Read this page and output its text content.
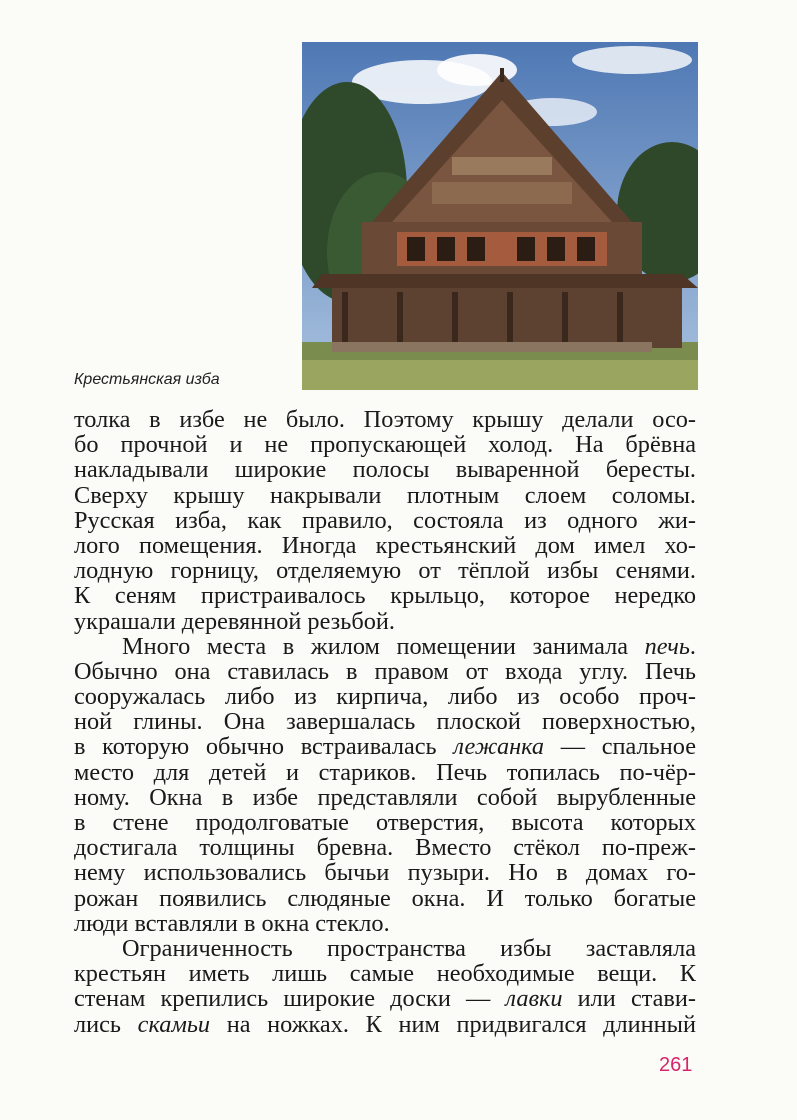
Крестьянская изба
толка в избе не было. Поэтому крышу делали осо-
бо прочной и не пропускающей холод. На брёвна
накладывали широкие полосы вываренной бересты.
Сверху крышу накрывали плотным слоем соломы.
Русская изба, как правило, состояла из одного жи-
лого помещения. Иногда крестьянский дом имел хо-
лодную горницу, отделяемую от тёплой избы сенями.
К сеням пристраивалось крыльцо, которое нередко
украшали деревянной резьбой.
Много места в жилом помещении занимала печь.
Обычно она ставилась в правом от входа углу. Печь
сооружалась либо из кирпича, либо из особо проч-
ной глины. Она завершалась плоской поверхностью,
в которую обычно встраивалась лежанка — спальное
место для детей и стариков. Печь топилась по-чёр-
ному. Окна в избе представляли собой вырубленные
в стене продолговатые отверстия, высота которых
достигала толщины бревна. Вместо стёкол по-преж-
нему использовались бычьи пузыри. Но в домах го-
рожан появились слюдяные окна. И только богатые
люди вставляли в окна стекло.
Ограниченность пространства избы заставляла
крестьян иметь лишь самые необходимые вещи. К
стенам крепились широкие доски — лавки или стави-
лись скамьи на ножках. К ним придвигался длинный
261
